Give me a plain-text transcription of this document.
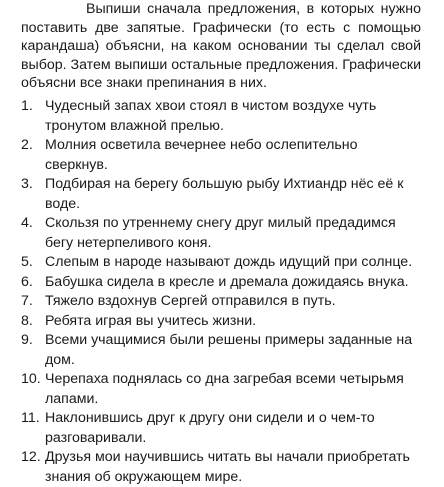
Выпиши сначала предложения, в которых нужно поставить две запятые. Графически (то есть с помощью карандаша) объясни, на каком основании ты сделал свой выбор. Затем выпиши остальные предложения. Графически объясни все знаки препинания в них.

1. Чудесный запах хвои стоял в чистом воздухе чуть тронутом влажной прелью.
2. Молния осветила вечернее небо ослепительно сверкнув.
3. Подбирая на берегу большую рыбу Ихтиандр нёс её к воде.
4. Скользя по утреннему снегу друг милый предадимся бегу нетерпеливого коня.
5. Слепым в народе называют дождь идущий при солнце.
6. Бабушка сидела в кресле и дремала дожидаясь внука.
7. Тяжело вздохнув Сергей отправился в путь.
8. Ребята играя вы учитесь жизни.
9. Всеми учащимися были решены примеры заданные на дом.
10. Черепаха поднялась со дна загребая всеми четырьмя лапами.
11. Наклонившись друг к другу они сидели и о чем-то разговаривали.
12. Друзья мои научившись читать вы начали приобретать знания об окружающем мире.
